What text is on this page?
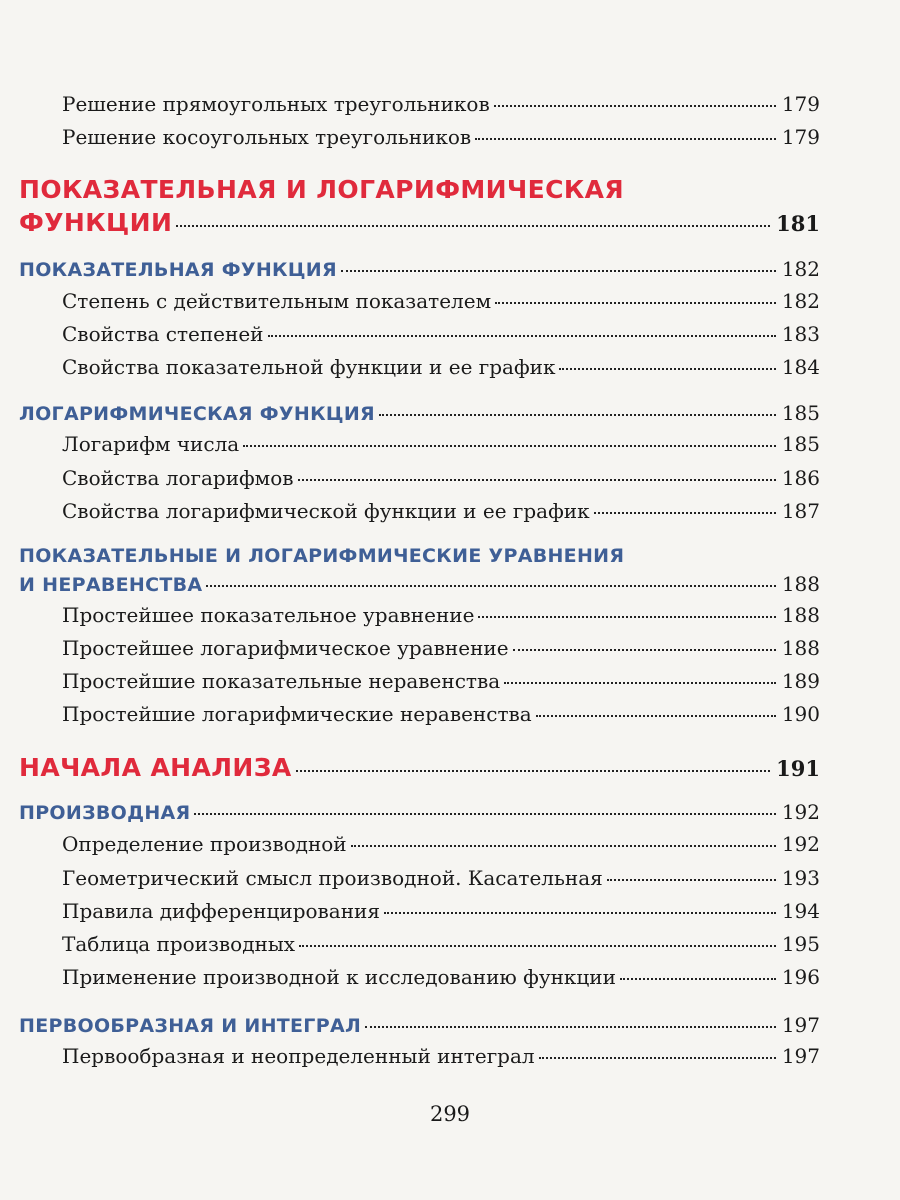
Решение прямоугольных треугольников	179
Решение косоугольных треугольников	179
ПОКАЗАТЕЛЬНАЯ И ЛОГАРИФМИЧЕСКАЯ
ФУНКЦИИ	181
ПОКАЗАТЕЛЬНАЯ ФУНКЦИЯ	182
Степень с действительным показателем	182
Свойства степеней	183
Свойства показательной функции и ее график	184
ЛОГАРИФМИЧЕСКАЯ ФУНКЦИЯ	185
Логарифм числа	185
Свойства логарифмов	186
Свойства логарифмической функции и ее график	187
ПОКАЗАТЕЛЬНЫЕ И ЛОГАРИФМИЧЕСКИЕ УРАВНЕНИЯ
И НЕРАВЕНСТВА	188
Простейшее показательное уравнение	188
Простейшее логарифмическое уравнение	188
Простейшие показательные неравенства	189
Простейшие логарифмические неравенства	190
НАЧАЛА АНАЛИЗА	191
ПРОИЗВОДНАЯ	192
Определение производной	192
Геометрический смысл производной. Касательная	193
Правила дифференцирования	194
Таблица производных	195
Применение производной к исследованию функции	196
ПЕРВООБРАЗНАЯ И ИНТЕГРАЛ	197
Первообразная и неопределенный интеграл	197
299
